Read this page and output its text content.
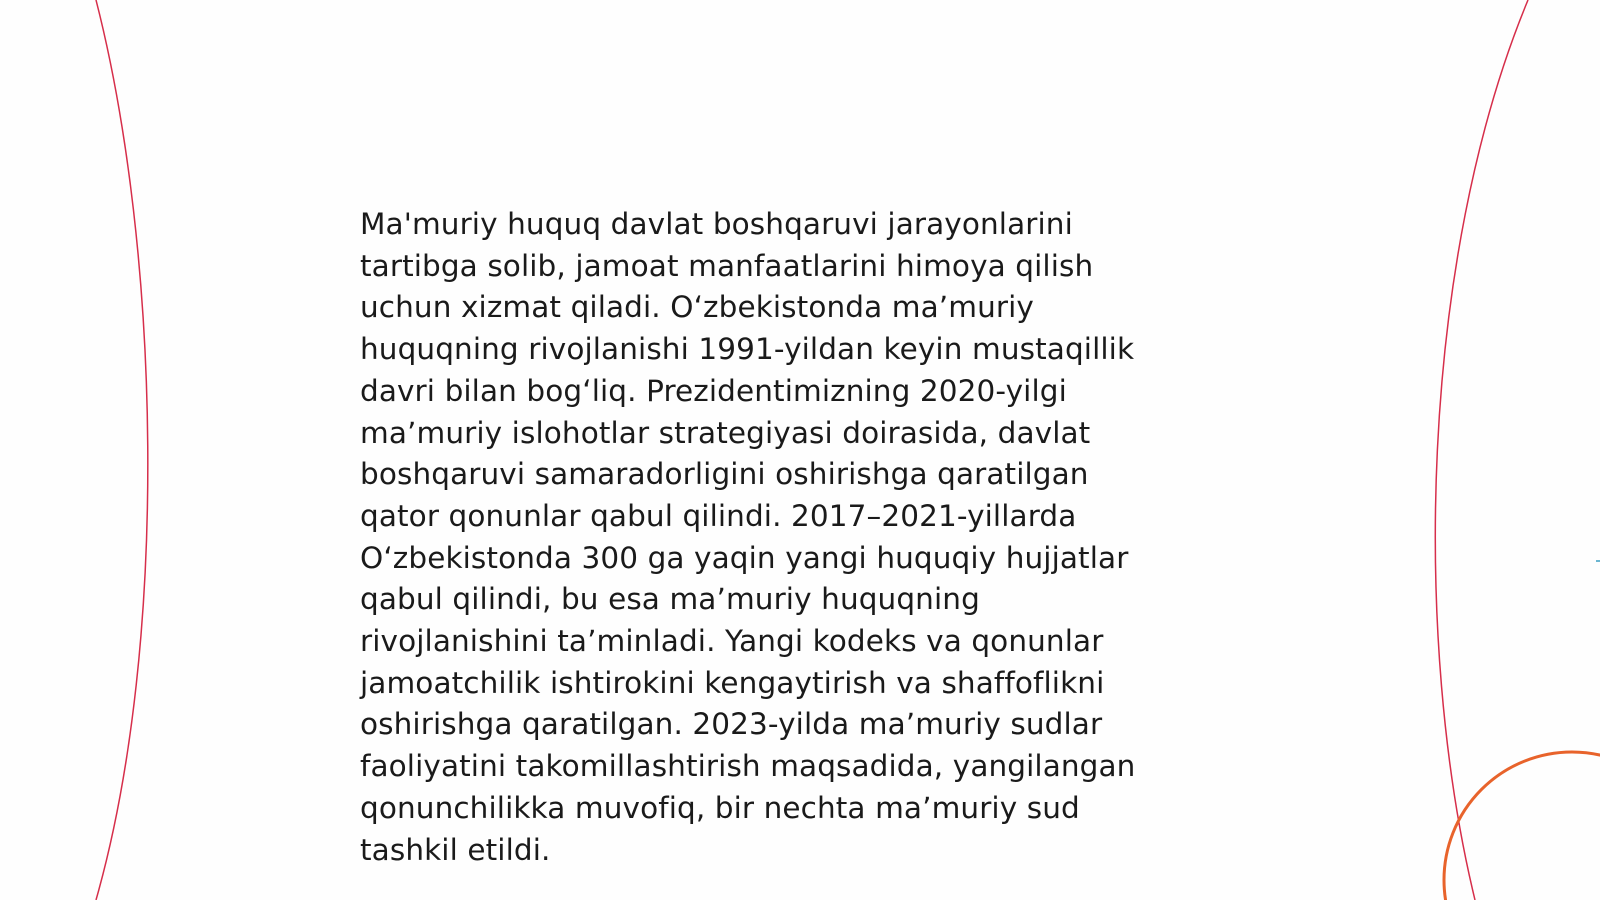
Ma'muriy huquq davlat boshqaruvi jarayonlarini
tartibga solib, jamoat manfaatlarini himoya qilish
uchun xizmat qiladi. O‘zbekistonda ma’muriy
huquqning rivojlanishi 1991-yildan keyin mustaqillik
davri bilan bog‘liq. Prezidentimizning 2020-yilgi
ma’muriy islohotlar strategiyasi doirasida, davlat
boshqaruvi samaradorligini oshirishga qaratilgan
qator qonunlar qabul qilindi. 2017–2021-yillarda
O‘zbekistonda 300 ga yaqin yangi huquqiy hujjatlar
qabul qilindi, bu esa ma’muriy huquqning
rivojlanishini ta’minladi. Yangi kodeks va qonunlar
jamoatchilik ishtirokini kengaytirish va shaffoflikni
oshirishga qaratilgan. 2023-yilda ma’muriy sudlar
faoliyatini takomillashtirish maqsadida, yangilangan
qonunchilikka muvofiq, bir nechta ma’muriy sud
tashkil etildi.
